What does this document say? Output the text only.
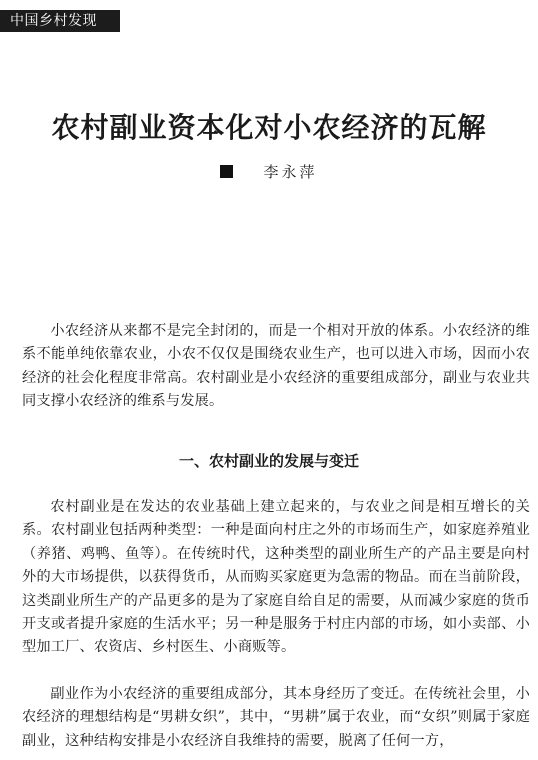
中国乡村发现
农村副业资本化对小农经济的瓦解
李永萍

小农经济从来都不是完全封闭的，而是一个相对开放的体系。小农经济的维系不能单纯依靠农业，小农不仅仅是围绕农业生产，也可以进入市场，因而小农经济的社会化程度非常高。农村副业是小农经济的重要组成部分，副业与农业共同支撑小农经济的维系与发展。

一、农村副业的发展与变迁

农村副业是在发达的农业基础上建立起来的，与农业之间是相互增长的关系。农村副业包括两种类型：一种是面向村庄之外的市场而生产，如家庭养殖业（养猪、鸡鸭、鱼等）。在传统时代，这种类型的副业所生产的产品主要是向村外的大市场提供，以获得货币，从而购买家庭更为急需的物品。而在当前阶段，这类副业所生产的产品更多的是为了家庭自给自足的需要，从而减少家庭的货币开支或者提升家庭的生活水平；另一种是服务于村庄内部的市场，如小卖部、小型加工厂、农资店、乡村医生、小商贩等。

副业作为小农经济的重要组成部分，其本身经历了变迁。在传统社会里，小农经济的理想结构是“男耕女织”，其中，“男耕”属于农业，而“女织”则属于家庭副业，这种结构安排是小农经济自我维持的需要，脱离了任何一方，
